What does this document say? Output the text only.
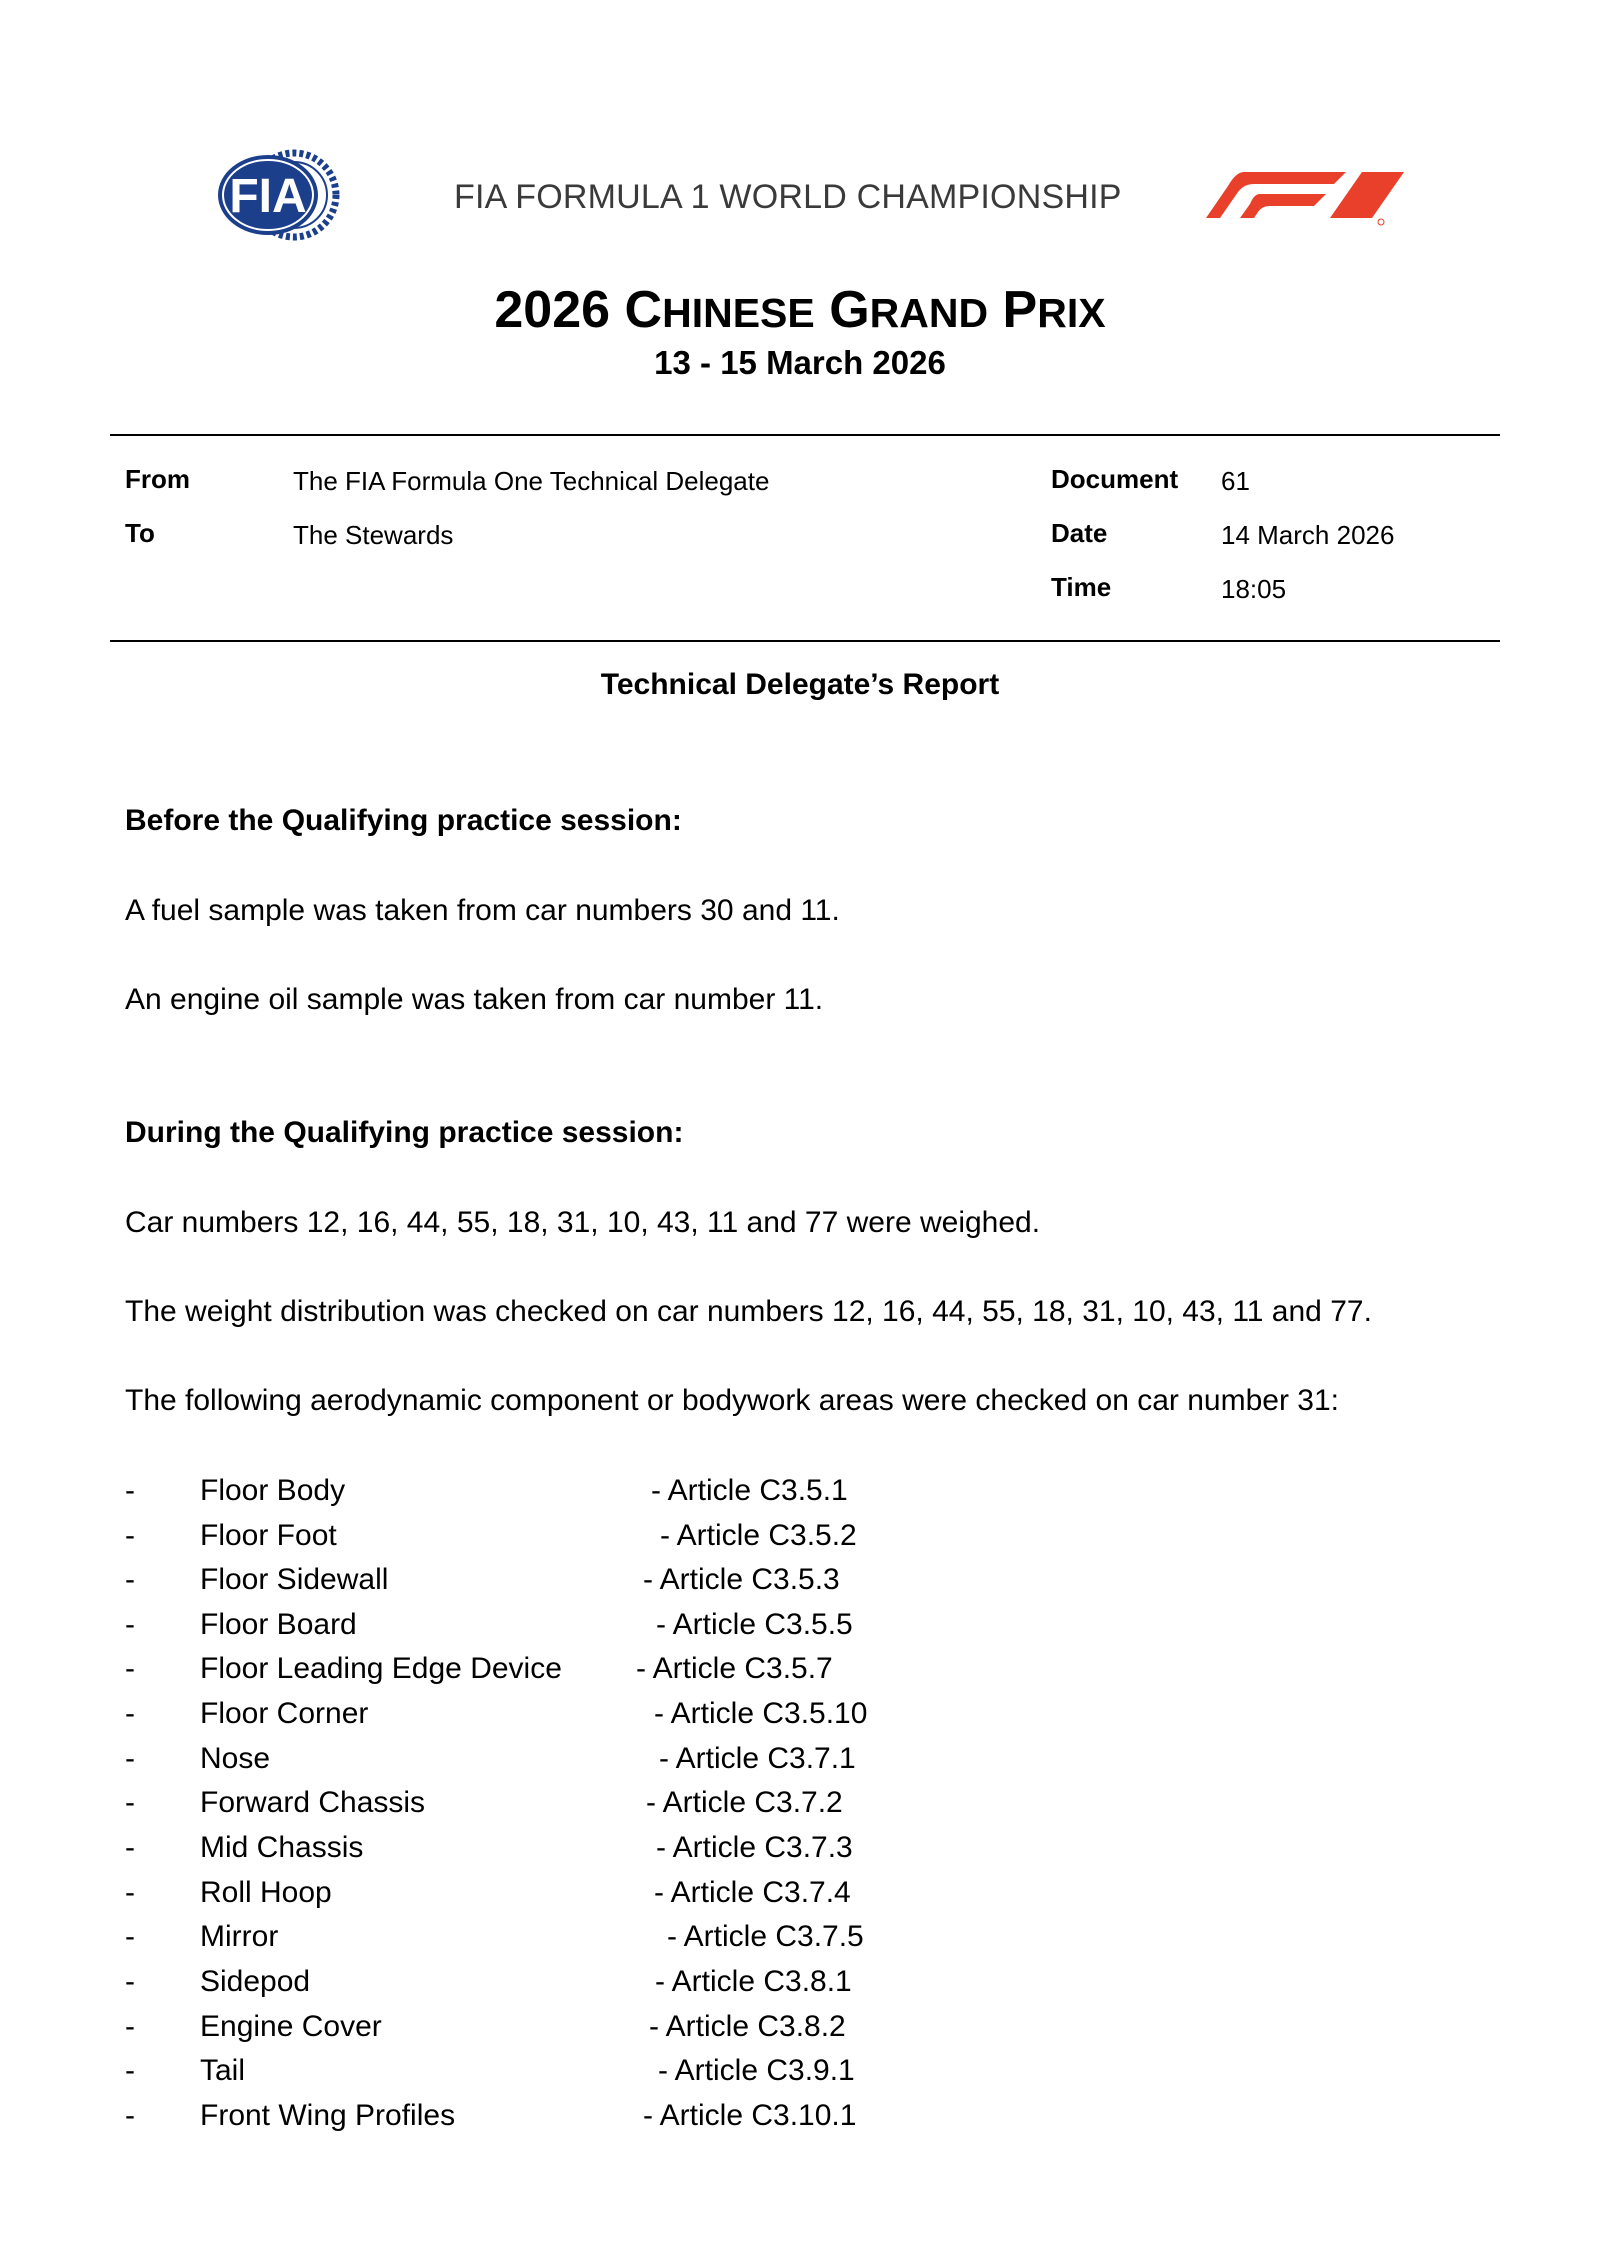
FIA	FIA FORMULA 1 WORLD CHAMPIONSHIP
2026 CHINESE GRAND PRIX
13 - 15 March 2026
From	The FIA Formula One Technical Delegate
To	The Stewards
Document 61
Date	14 March 2026
Time	18:05
Technical Delegate’s Report
Before the Qualifying practice session:
A fuel sample was taken from car numbers 30 and 11.
An engine oil sample was taken from car number 11.
During the Qualifying practice session:
Car numbers 12, 16, 44, 55, 18, 31, 10, 43, 11 and 77 were weighed.
The weight distribution was checked on car numbers 12, 16, 44, 55, 18, 31, 10, 43, 11 and 77.
The following aerodynamic component or bodywork areas were checked on car number 31:
- Floor Body	- Article C3.5.1
- Floor Foot	- Article C3.5.2
- Floor Sidewall	- Article C3.5.3
- Floor Board	- Article C3.5.5
- Floor Leading Edge Device - Article C3.5.7
- Floor Corner	- Article C3.5.10
- Nose	- Article C3.7.1
- Forward Chassis	- Article C3.7.2
- Mid Chassis	- Article C3.7.3
- Roll Hoop	- Article C3.7.4
- Mirror	- Article C3.7.5
- Sidepod	- Article C3.8.1
- Engine Cover	- Article C3.8.2
- Tail	- Article C3.9.1
- Front Wing Profiles	- Article C3.10.1
